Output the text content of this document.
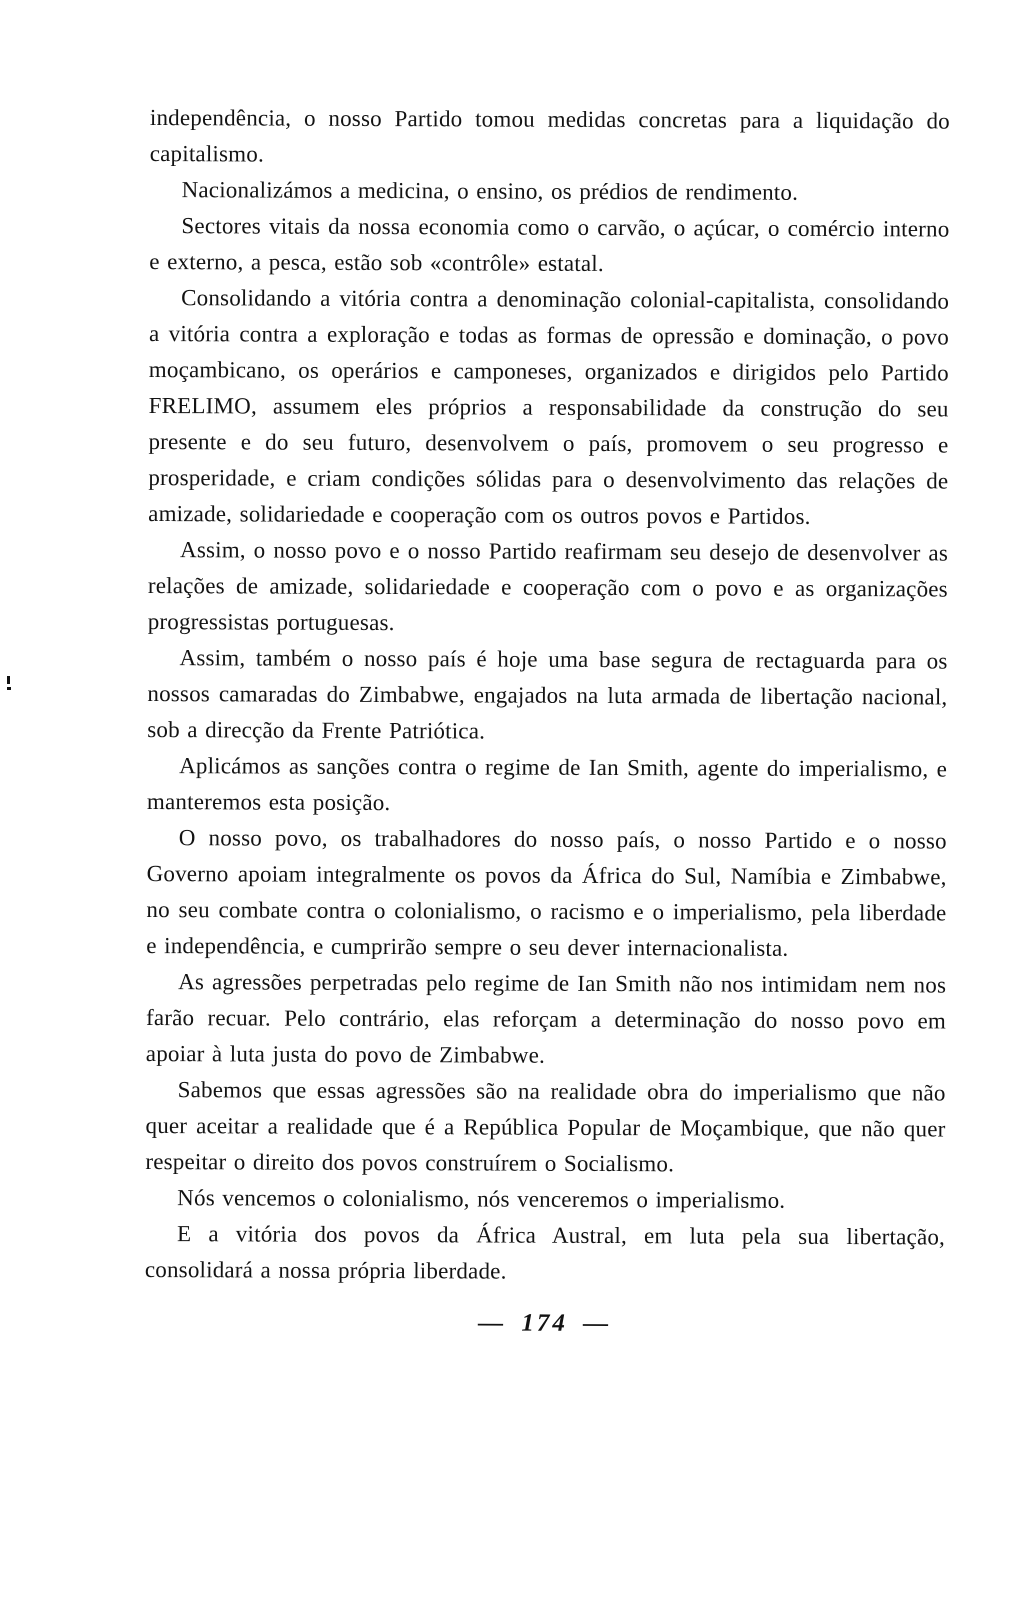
independência, o nosso Partido tomou medidas concretas para a liquidação do capitalismo.

Nacionalizámos a medicina, o ensino, os prédios de rendimento.

Sectores vitais da nossa economia como o carvão, o açúcar, o comércio interno e externo, a pesca, estão sob «contrôle» estatal.

Consolidando a vitória contra a denominação colonial-capitalista, consolidando a vitória contra a exploração e todas as formas de opressão e dominação, o povo moçambicano, os operários e camponeses, organizados e dirigidos pelo Partido FRELIMO, assumem eles próprios a responsabilidade da construção do seu presente e do seu futuro, desenvolvem o país, promovem o seu progresso e prosperidade, e criam condições sólidas para o desenvolvimento das relações de amizade, solidariedade e cooperação com os outros povos e Partidos.

Assim, o nosso povo e o nosso Partido reafirmam seu desejo de desenvolver as relações de amizade, solidariedade e cooperação com o povo e as organizações progressistas portuguesas.

Assim, também o nosso país é hoje uma base segura de rectaguarda para os nossos camaradas do Zimbabwe, engajados na luta armada de libertação nacional, sob a direcção da Frente Patriótica.

Aplicámos as sanções contra o regime de Ian Smith, agente do imperialismo, e manteremos esta posição.

O nosso povo, os trabalhadores do nosso país, o nosso Partido e o nosso Governo apoiam integralmente os povos da África do Sul, Namíbia e Zimbabwe, no seu combate contra o colonialismo, o racismo e o imperialismo, pela liberdade e independência, e cumprirão sempre o seu dever internacionalista.

As agressões perpetradas pelo regime de Ian Smith não nos intimidam nem nos farão recuar. Pelo contrário, elas reforçam a determinação do nosso povo em apoiar à luta justa do povo de Zimbabwe.

Sabemos que essas agressões são na realidade obra do imperialismo que não quer aceitar a realidade que é a República Popular de Moçambique, que não quer respeitar o direito dos povos construírem o Socialismo.

Nós vencemos o colonialismo, nós venceremos o imperialismo.

E a vitória dos povos da África Austral, em luta pela sua libertação, consolidará a nossa própria liberdade.

— 174 —
